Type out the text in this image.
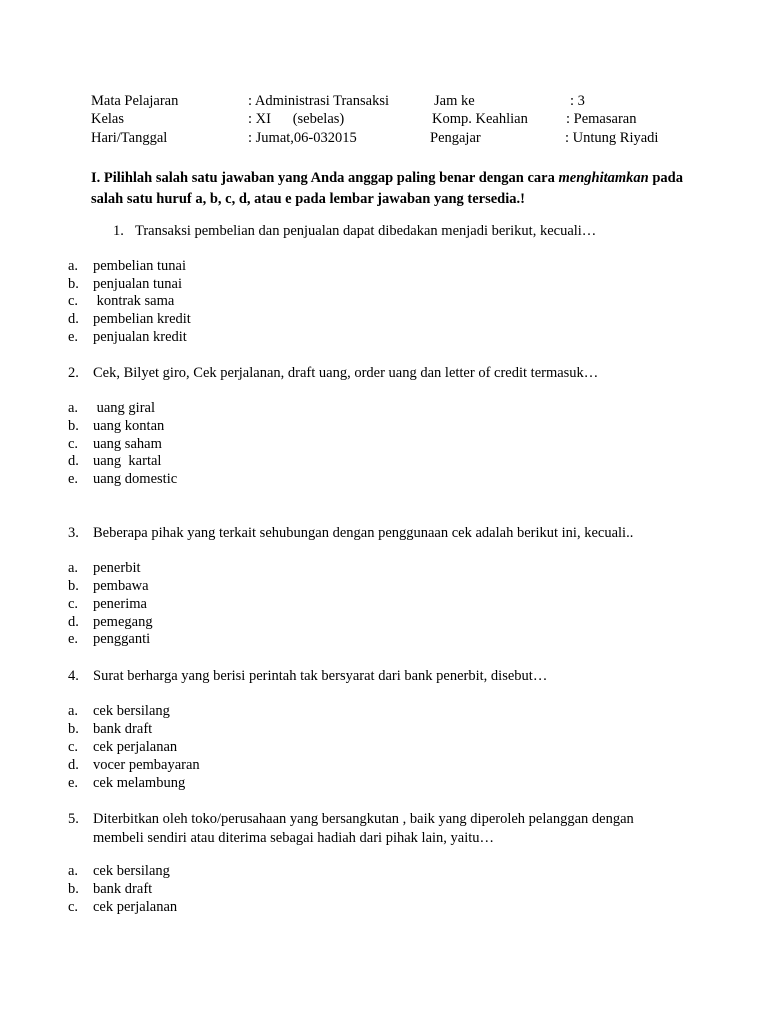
Mata Pelajaran	: Administrasi Transaksi	Jam ke	: 3
Kelas	: XI      (sebelas)	Komp. Keahlian	: Pemasaran
Hari/Tanggal	: Jumat,06-032015	Pengajar	: Untung Riyadi
I. Pilihlah salah satu jawaban yang Anda anggap paling benar dengan cara menghitamkan pada salah satu huruf a, b, c, d, atau e pada lembar jawaban yang tersedia.!
1. Transaksi pembelian dan penjualan dapat dibedakan menjadi berikut, kecuali…
a. pembelian tunai
b. penjualan tunai
c. kontrak sama
d. pembelian kredit
e. penjualan kredit
2. Cek, Bilyet giro, Cek perjalanan, draft uang, order uang dan letter of credit termasuk…
a. uang giral
b. uang kontan
c. uang saham
d. uang  kartal
e. uang domestic
3. Beberapa pihak yang terkait sehubungan dengan penggunaan cek adalah berikut ini, kecuali..
a. penerbit
b. pembawa
c. penerima
d. pemegang
e. pengganti
4. Surat berharga yang berisi perintah tak bersyarat dari bank penerbit, disebut…
a. cek bersilang
b. bank draft
c. cek perjalanan
d. vocer pembayaran
e. cek melambung
5. Diterbitkan oleh toko/perusahaan yang bersangkutan , baik yang diperoleh pelanggan dengan
membeli sendiri atau diterima sebagai hadiah dari pihak lain, yaitu…
a. cek bersilang
b. bank draft
c. cek perjalanan
